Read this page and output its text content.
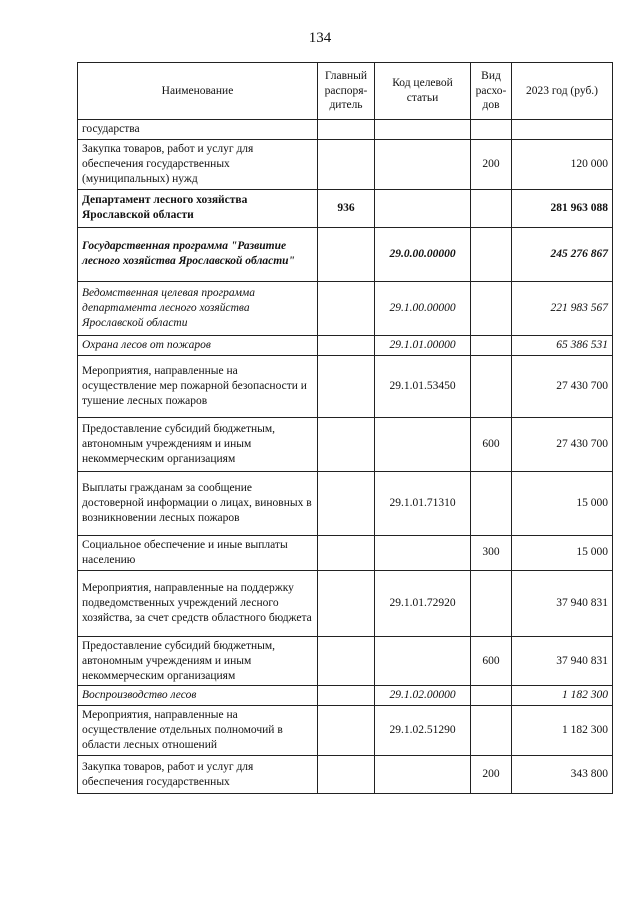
134
Наименование	Главный распоря-дитель	Код целевой статьи	Вид расхо-дов	2023 год (руб.)
государства				
Закупка товаров, работ и услуг для обеспечения государственных (муниципальных) нужд			200	120 000
Департамент лесного хозяйства Ярославской области	936			281 963 088
Государственная программа "Развитие лесного хозяйства Ярославской области"		29.0.00.00000		245 276 867
Ведомственная целевая программа департамента лесного хозяйства Ярославской области		29.1.00.00000		221 983 567
Охрана лесов от пожаров		29.1.01.00000		65 386 531
Мероприятия, направленные на осуществление мер пожарной безопасности и тушение лесных пожаров		29.1.01.53450		27 430 700
Предоставление субсидий бюджетным, автономным учреждениям и иным некоммерческим организациям			600	27 430 700
Выплаты гражданам за сообщение достоверной информации о лицах, виновных в возникновении лесных пожаров		29.1.01.71310		15 000
Социальное обеспечение и иные выплаты населению			300	15 000
Мероприятия, направленные на поддержку подведомственных учреждений лесного хозяйства, за счет средств областного бюджета		29.1.01.72920		37 940 831
Предоставление субсидий бюджетным, автономным учреждениям и иным некоммерческим организациям			600	37 940 831
Воспроизводство лесов		29.1.02.00000		1 182 300
Мероприятия, направленные на осуществление отдельных полномочий в области лесных отношений		29.1.02.51290		1 182 300
Закупка товаров, работ и услуг для обеспечения государственных			200	343 800
